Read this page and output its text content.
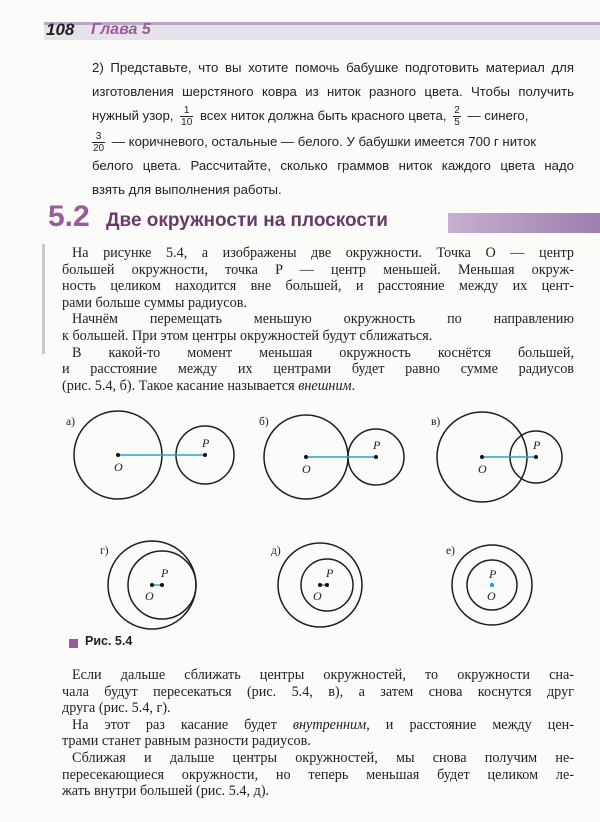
108 Глава 5
2) Представьте, что вы хотите помочь бабушке подготовить материал для
изготовления шерстяного ковра из ниток разного цвета. Чтобы получить
нужный узор, $\frac{1}{10}$ всех ниток должна быть красного цвета, $\frac{2}{5}$ — синего,
$\frac{3}{20}$ — коричневого, остальные — белого. У бабушки имеется 700 г ниток
белого цвета. Рассчитайте, сколько граммов ниток каждого цвета надо
взять для выполнения работы.
5.2 Две окружности на плоскости
На рисунке 5.4, а изображены две окружности. Точка O — центр
большей окружности, точка P — центр меньшей. Меньшая окруж-
ность целиком находится вне большей, и расстояние между их цент-
рами больше суммы радиусов.
Начнём перемещать меньшую окружность по направлению
к большей. При этом центры окружностей будут сближаться.
В какой-то момент меньшая окружность коснётся большей,
и расстояние между их центрами будет равно сумме радиусов
(рис. 5.4, б). Такое касание называется внешним.
O
P
O
P
O
P
O
P
O
P
O
P
а)	б)	в)
г)	д)	е)
Рис. 5.4
Если дальше сближать центры окружностей, то окружности сна-
чала будут пересекаться (рис. 5.4, в), а затем снова коснутся друг
друга (рис. 5.4, г).
На этот раз касание будет внутренним, и расстояние между цен-
трами станет равным разности радиусов.
Сближая и дальше центры окружностей, мы снова получим не-
пересекающиеся окружности, но теперь меньшая будет целиком ле-
жать внутри большей (рис. 5.4, д).
